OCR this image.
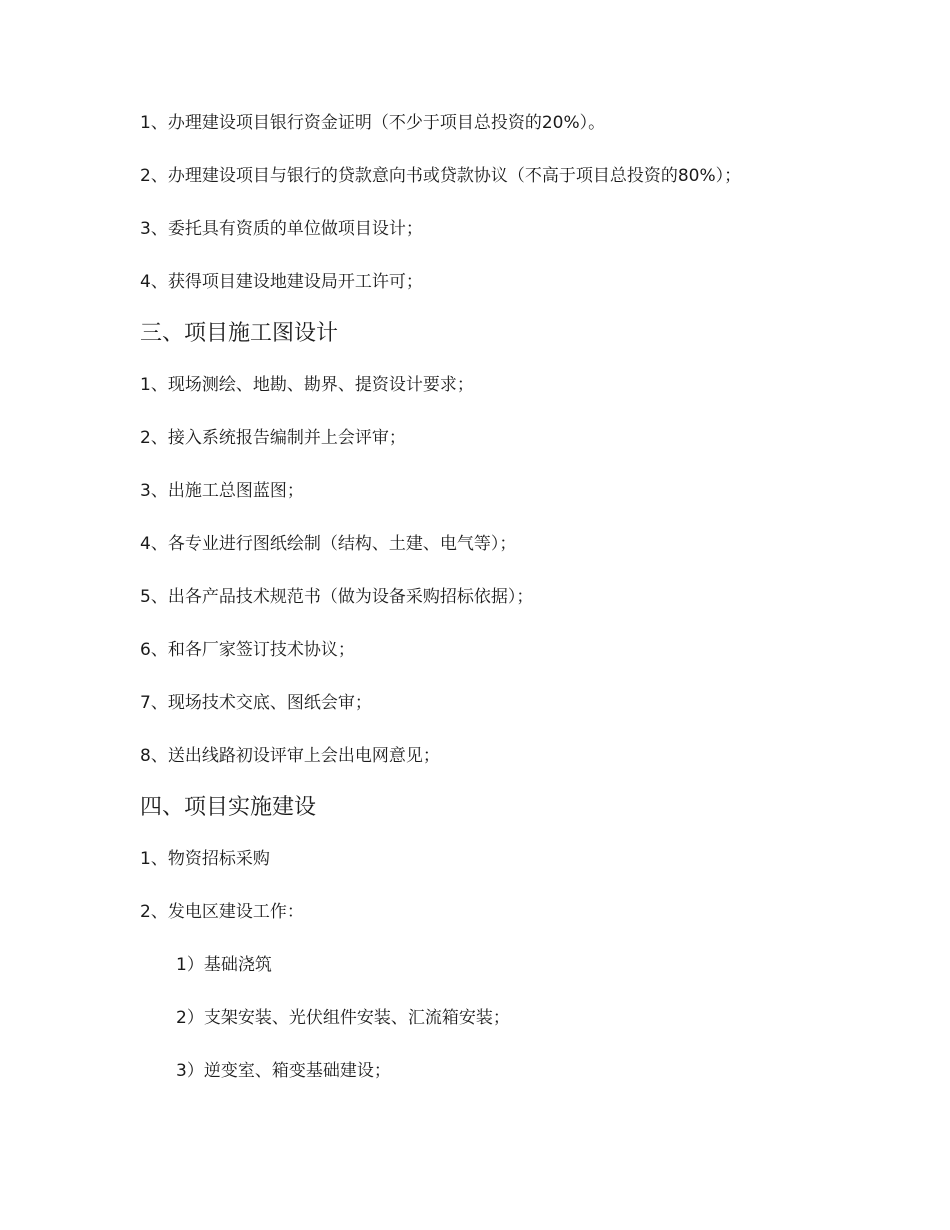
1、办理建设项目银行资金证明（不少于项目总投资的20%）。
2、办理建设项目与银行的贷款意向书或贷款协议（不高于项目总投资的80%）；
3、委托具有资质的单位做项目设计；
4、获得项目建设地建设局开工许可；
三、项目施工图设计
1、现场测绘、地勘、勘界、提资设计要求；
2、接入系统报告编制并上会评审；
3、出施工总图蓝图；
4、各专业进行图纸绘制（结构、土建、电气等）；
5、出各产品技术规范书（做为设备采购招标依据）；
6、和各厂家签订技术协议；
7、现场技术交底、图纸会审；
8、送出线路初设评审上会出电网意见；
四、项目实施建设
1、物资招标采购
2、发电区建设工作：
1）基础浇筑
2）支架安装、光伏组件安装、汇流箱安装；
3）逆变室、箱变基础建设；
